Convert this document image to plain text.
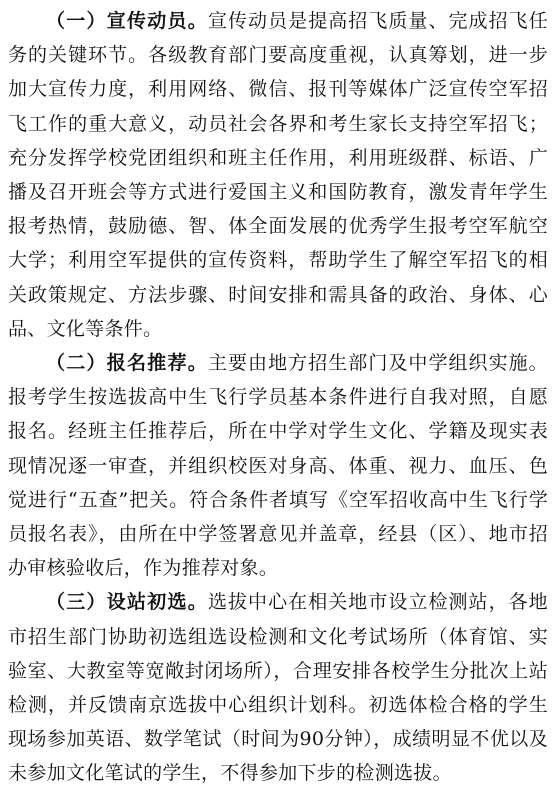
（一）宣传动员。宣传动员是提高招飞质量、完成招飞任务的关键环节。各级教育部门要高度重视，认真筹划，进一步加大宣传力度，利用网络、微信、报刊等媒体广泛宣传空军招飞工作的重大意义，动员社会各界和考生家长支持空军招飞；充分发挥学校党团组织和班主任作用，利用班级群、标语、广播及召开班会等方式进行爱国主义和国防教育，激发青年学生报考热情，鼓励德、智、体全面发展的优秀学生报考空军航空大学；利用空军提供的宣传资料，帮助学生了解空军招飞的相关政策规定、方法步骤、时间安排和需具备的政治、身体、心品、文化等条件。

（二）报名推荐。主要由地方招生部门及中学组织实施。报考学生按选拔高中生飞行学员基本条件进行自我对照，自愿报名。经班主任推荐后，所在中学对学生文化、学籍及现实表现情况逐一审查，并组织校医对身高、体重、视力、血压、色觉进行“五查”把关。符合条件者填写《空军招收高中生飞行学员报名表》，由所在中学签署意见并盖章，经县（区）、地市招办审核验收后，作为推荐对象。

（三）设站初选。选拔中心在相关地市设立检测站，各地市招生部门协助初选组选设检测和文化考试场所（体育馆、实验室、大教室等宽敞封闭场所），合理安排各校学生分批次上站检测，并反馈南京选拔中心组织计划科。初选体检合格的学生现场参加英语、数学笔试（时间为90分钟），成绩明显不优以及未参加文化笔试的学生，不得参加下步的检测选拔。
